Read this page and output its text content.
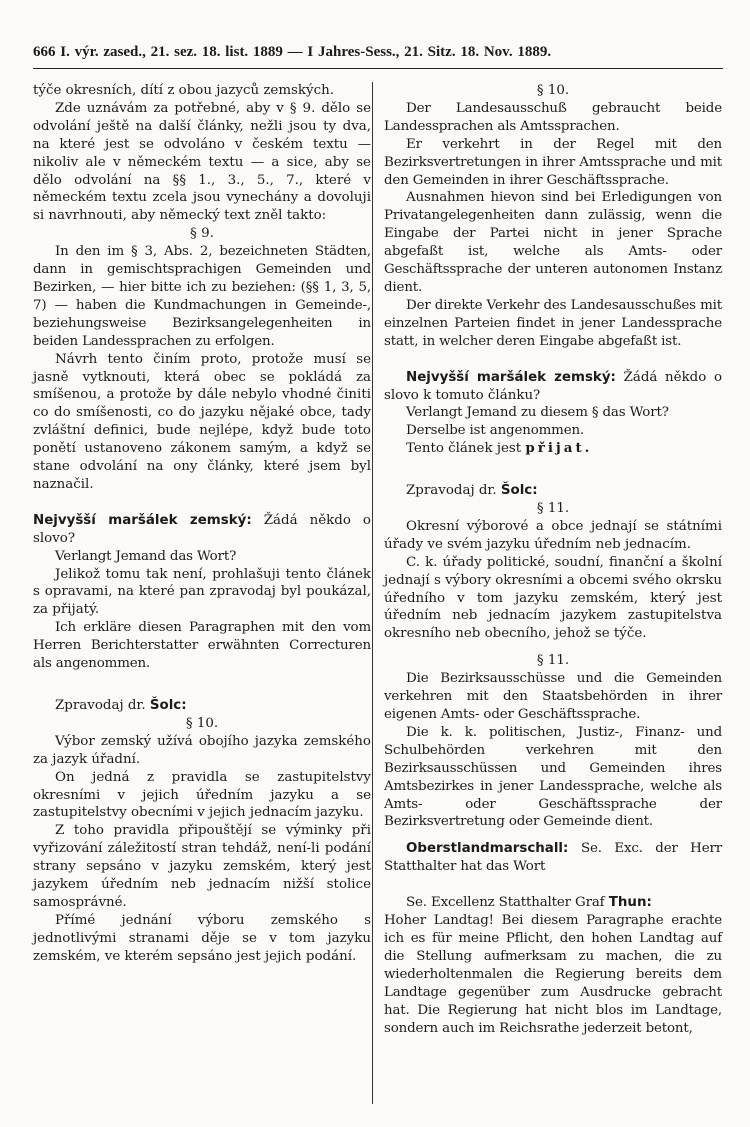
666 I. výr. zased., 21. sez. 18. list. 1889 — I Jahres-Sess., 21. Sitz. 18. Nov. 1889.

týče okresních, dítí z obou jazyců zemských.

Zde uznávám za potřebné, aby v § 9. dělo se odvolání ještě na další články, nežli jsou ty dva, na které jest se odvoláno v českém textu — nikoliv ale v německém textu — a sice, aby se dělo odvolání na §§ 1., 3., 5., 7., které v německém textu zcela jsou vynechány a dovoluji si navrhnouti, aby německý text zněl takto:

§ 9.

In den im § 3, Abs. 2, bezeichneten Städten, dann in gemischtsprachigen Gemeinden und Bezirken, — hier bitte ich zu beziehen: (§§ 1, 3, 5, 7) — haben die Kundmachungen in Gemeinde-, beziehungsweise Bezirksangelegenheiten in beiden Landessprachen zu erfolgen.

Návrh tento činím proto, protože musí se jasně vytknouti, která obec se pokládá za smíšenou, a protože by dále nebylo vhodné činiti co do smíšenosti, co do jazyku nějaké obce, tady zvláštní definici, bude nejlépe, když bude toto ponětí ustanoveno zákonem samým, a když se stane odvolání na ony články, které jsem byl naznačil.

Nejvyšší maršálek zemský: Žádá někdo o slovo?

Verlangt Jemand das Wort?

Jelikož tomu tak není, prohlašuji tento článek s opravami, na které pan zpravodaj byl poukázal, za přijatý.

Ich erkläre diesen Paragraphen mit den vom Herren Berichterstatter erwähnten Correcturen als angenommen.

Zpravodaj dr. Šolc:

§ 10.

Výbor zemský užívá obojího jazyka zemského za jazyk úřadní.

On jedná z pravidla se zastupitelstvy okresními v jejich úředním jazyku a se zastupitelstvy obecními v jejich jednacím jazyku.

Z toho pravidla připouštějí se výminky při vyřizování záležitostí stran tehdáž, není-li podání strany sepsáno v jazyku zemském, který jest jazykem úředním neb jednacím nižší stolice samosprávné.

Přímé jednání výboru zemského s jednotlivými stranami děje se v tom jazyku zemském, ve kterém sepsáno jest jejich podání.

§ 10.

Der Landesausschuß gebraucht beide Landessprachen als Amtssprachen.

Er verkehrt in der Regel mit den Bezirksvertretungen in ihrer Amtssprache und mit den Gemeinden in ihrer Geschäftssprache.

Ausnahmen hievon sind bei Erledigungen von Privatangelegenheiten dann zulässig, wenn die Eingabe der Partei nicht in jener Sprache abgefaßt ist, welche als Amts- oder Geschäftssprache der unteren autonomen Instanz dient.

Der direkte Verkehr des Landesausschußes mit einzelnen Parteien findet in jener Landessprache statt, in welcher deren Eingabe abgefaßt ist.

Nejvyšší maršálek zemský: Žádá někdo o slovo k tomuto článku?

Verlangt Jemand zu diesem § das Wort?

Derselbe ist angenommen.

Tento článek jest přijat.

Zpravodaj dr. Šolc:

§ 11.

Okresní výborové a obce jednají se státními úřady ve svém jazyku úředním neb jednacím.

C. k. úřady politické, soudní, finanční a školní jednají s výbory okresními a obcemi svého okrsku úředního v tom jazyku zemském, který jest úředním neb jednacím jazykem zastupitelstva okresního neb obecního, jehož se týče.

§ 11.

Die Bezirksausschüsse und die Gemeinden verkehren mit den Staatsbehörden in ihrer eigenen Amts- oder Geschäftssprache.

Die k. k. politischen, Justiz-, Finanz- und Schulbehörden verkehren mit den Bezirksausschüssen und Gemeinden ihres Amtsbezirkes in jener Landessprache, welche als Amts- oder Geschäftssprache der Bezirksvertretung oder Gemeinde dient.

Oberstlandmarschall: Se. Exc. der Herr Statthalter hat das Wort

Se. Excellenz Statthalter Graf Thun:

Hoher Landtag! Bei diesem Paragraphe erachte ich es für meine Pflicht, den hohen Landtag auf die Stellung aufmerksam zu machen, die zu wiederholtenmalen die Regierung bereits dem Landtage gegenüber zum Ausdrucke gebracht hat. Die Regierung hat nicht blos im Landtage, sondern auch im Reichsrathe jederzeit betont,
